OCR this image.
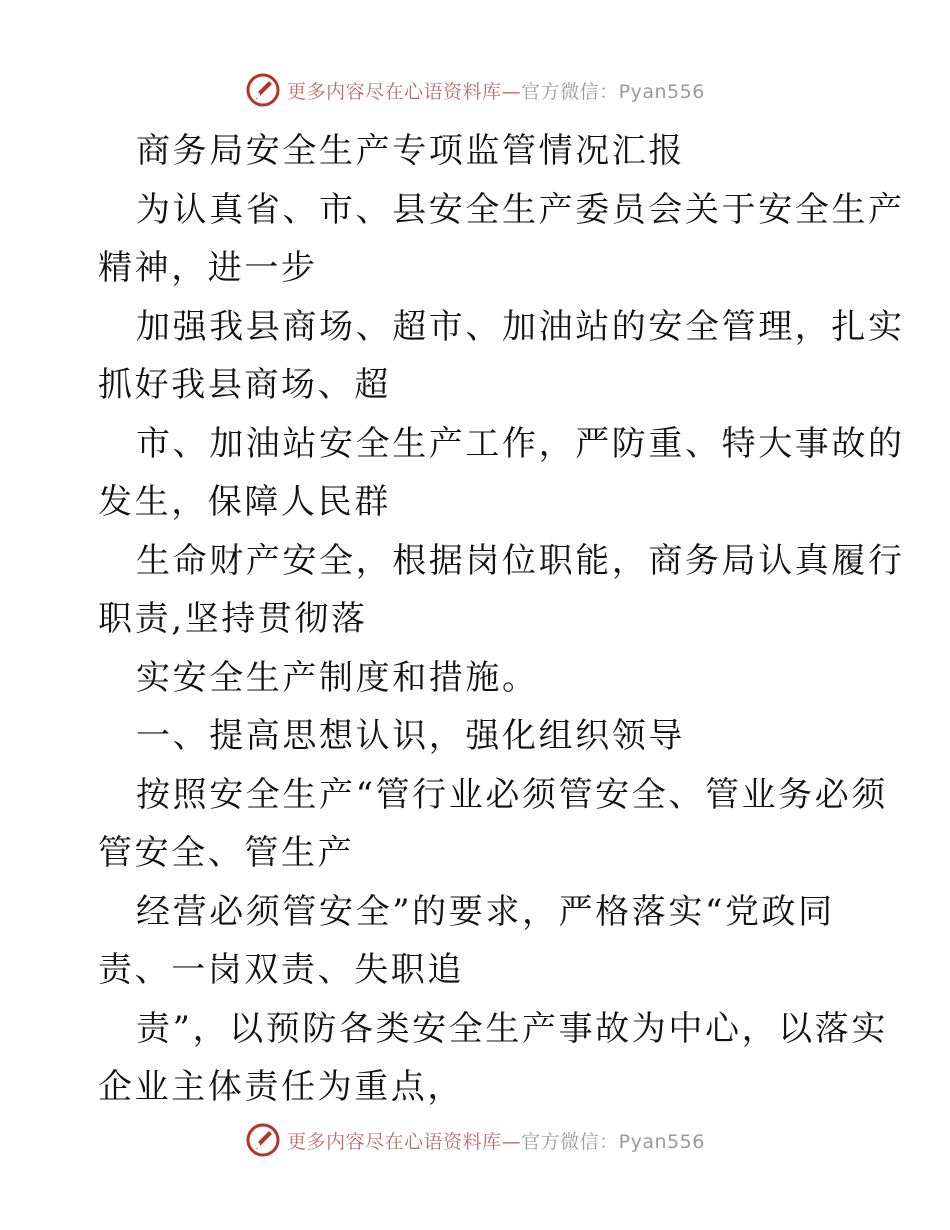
更多内容尽在心语资料库—官方微信：Pyan556
商务局安全生产专项监管情况汇报
为认真省、市、县安全生产委员会关于安全生产
精神，进一步
加强我县商场、超市、加油站的安全管理，扎实
抓好我县商场、超
市、加油站安全生产工作，严防重、特大事故的
发生，保障人民群
生命财产安全，根据岗位职能，商务局认真履行
职责,坚持贯彻落
实安全生产制度和措施。
一、提高思想认识，强化组织领导
按照安全生产“管行业必须管安全、管业务必须
管安全、管生产
经营必须管安全”的要求，严格落实“党政同
责、一岗双责、失职追
责”，以预防各类安全生产事故为中心，以落实
企业主体责任为重点，
更多内容尽在心语资料库—官方微信：Pyan556
